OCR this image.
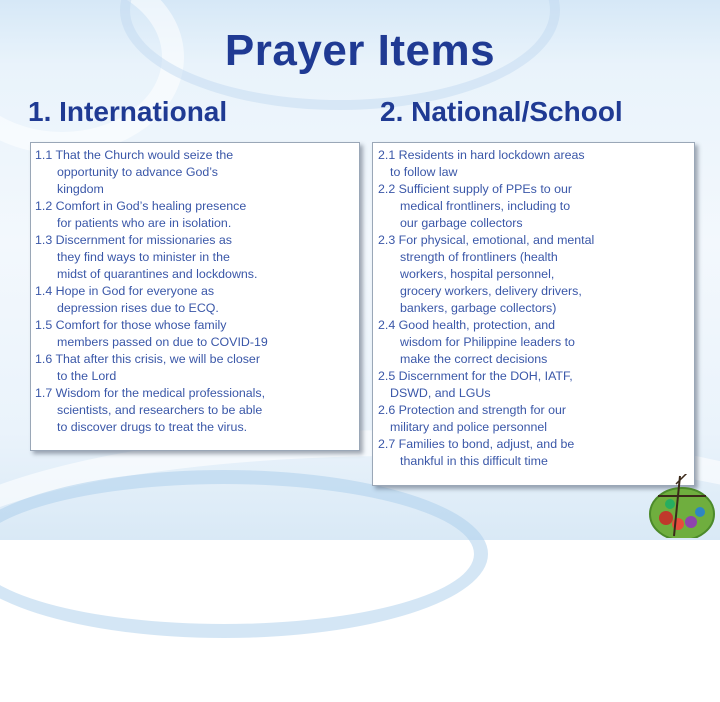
Prayer Items
1. International	2. National/School

1.1 That the Church would seize the
opportunity to advance God’s
kingdom

1.2 Comfort in God’s healing presence
for patients who are in isolation.

1.3 Discernment for missionaries as
they find ways to minister in the
midst of quarantines and lockdowns.

1.4 Hope in God for everyone as
depression rises due to ECQ.

1.5 Comfort for those whose family
members passed on due to COVID-19

1.6 That after this crisis, we will be closer
to the Lord

1.7 Wisdom for the medical professionals,
scientists, and researchers to be able
to discover drugs to treat the virus.

2.1 Residents in hard lockdown areas
to follow law

2.2 Sufficient supply of PPEs to our
medical frontliners, including to
our garbage collectors

2.3 For physical, emotional, and mental
strength of frontliners (health
workers, hospital personnel,
grocery workers, delivery drivers,
bankers, garbage collectors)

2.4 Good health, protection, and
wisdom for Philippine leaders to
make the correct decisions

2.5 Discernment for the DOH, IATF,
DSWD, and LGUs

2.6 Protection and strength for our
military and police personnel

2.7 Families to bond, adjust, and be
thankful in this difficult time
